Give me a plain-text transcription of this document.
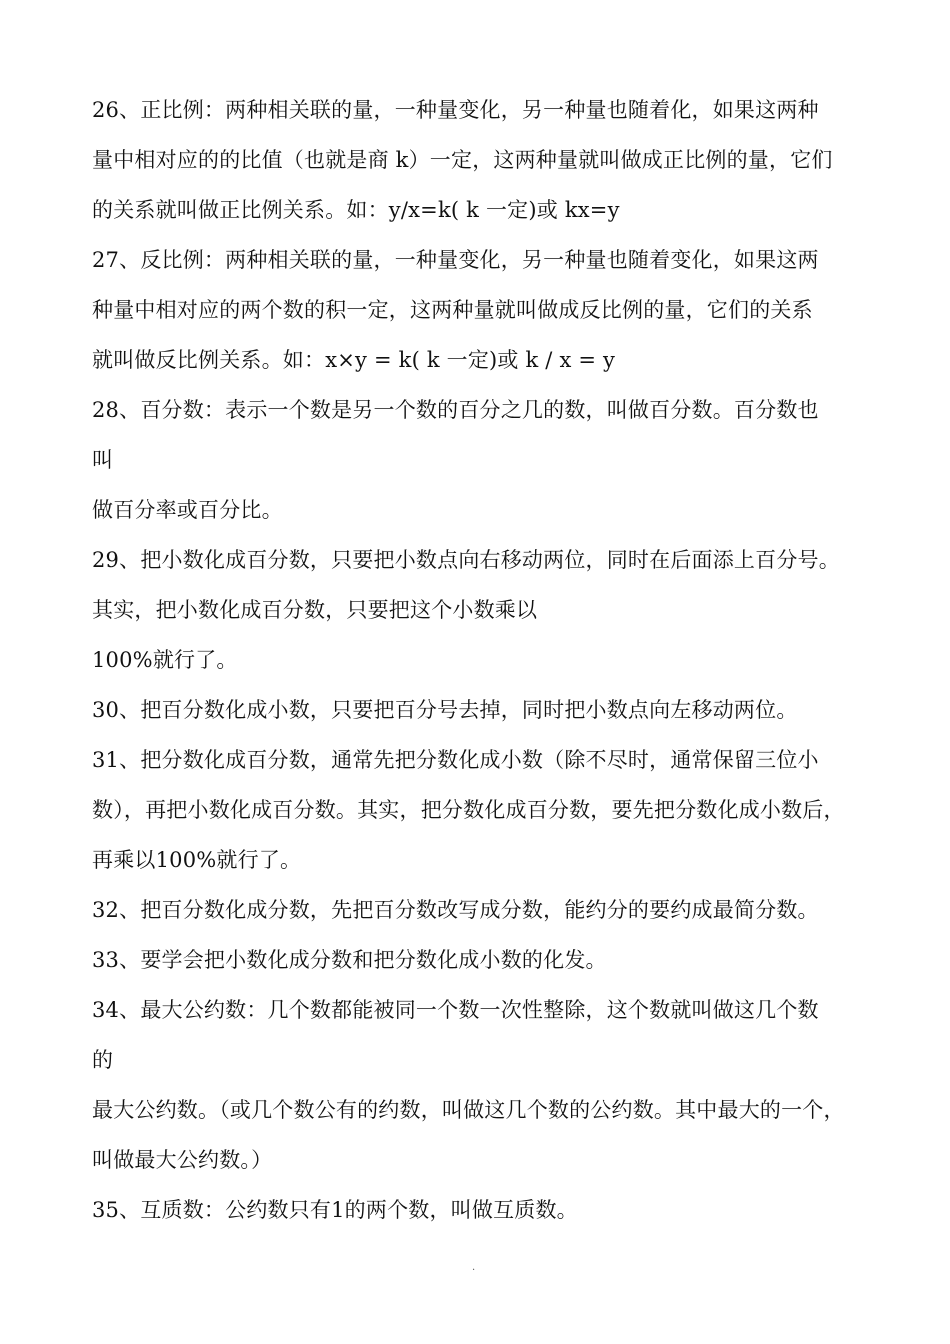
26、正比例：两种相关联的量，一种量变化，另一种量也随着化，如果这两种
量中相对应的的比值（也就是商 k）一定，这两种量就叫做成正比例的量，它们
的关系就叫做正比例关系。如：y/x=k( k 一定)或 kx=y
27、反比例：两种相关联的量，一种量变化，另一种量也随着变化，如果这两
种量中相对应的两个数的积一定，这两种量就叫做成反比例的量，它们的关系
就叫做反比例关系。如：x×y = k( k 一定)或 k / x = y
28、百分数：表示一个数是另一个数的百分之几的数，叫做百分数。百分数也
叫
做百分率或百分比。
29、把小数化成百分数，只要把小数点向右移动两位，同时在后面添上百分号。
其实，把小数化成百分数，只要把这个小数乘以
100%就行了。
30、把百分数化成小数，只要把百分号去掉，同时把小数点向左移动两位。
31、把分数化成百分数，通常先把分数化成小数（除不尽时，通常保留三位小
数），再把小数化成百分数。其实，把分数化成百分数，要先把分数化成小数后，
再乘以100%就行了。
32、把百分数化成分数，先把百分数改写成分数，能约分的要约成最简分数。
33、要学会把小数化成分数和把分数化成小数的化发。
34、最大公约数：几个数都能被同一个数一次性整除，这个数就叫做这几个数
的
最大公约数。（或几个数公有的约数，叫做这几个数的公约数。其中最大的一个，
叫做最大公约数。）
35、互质数：公约数只有1的两个数，叫做互质数。
.
